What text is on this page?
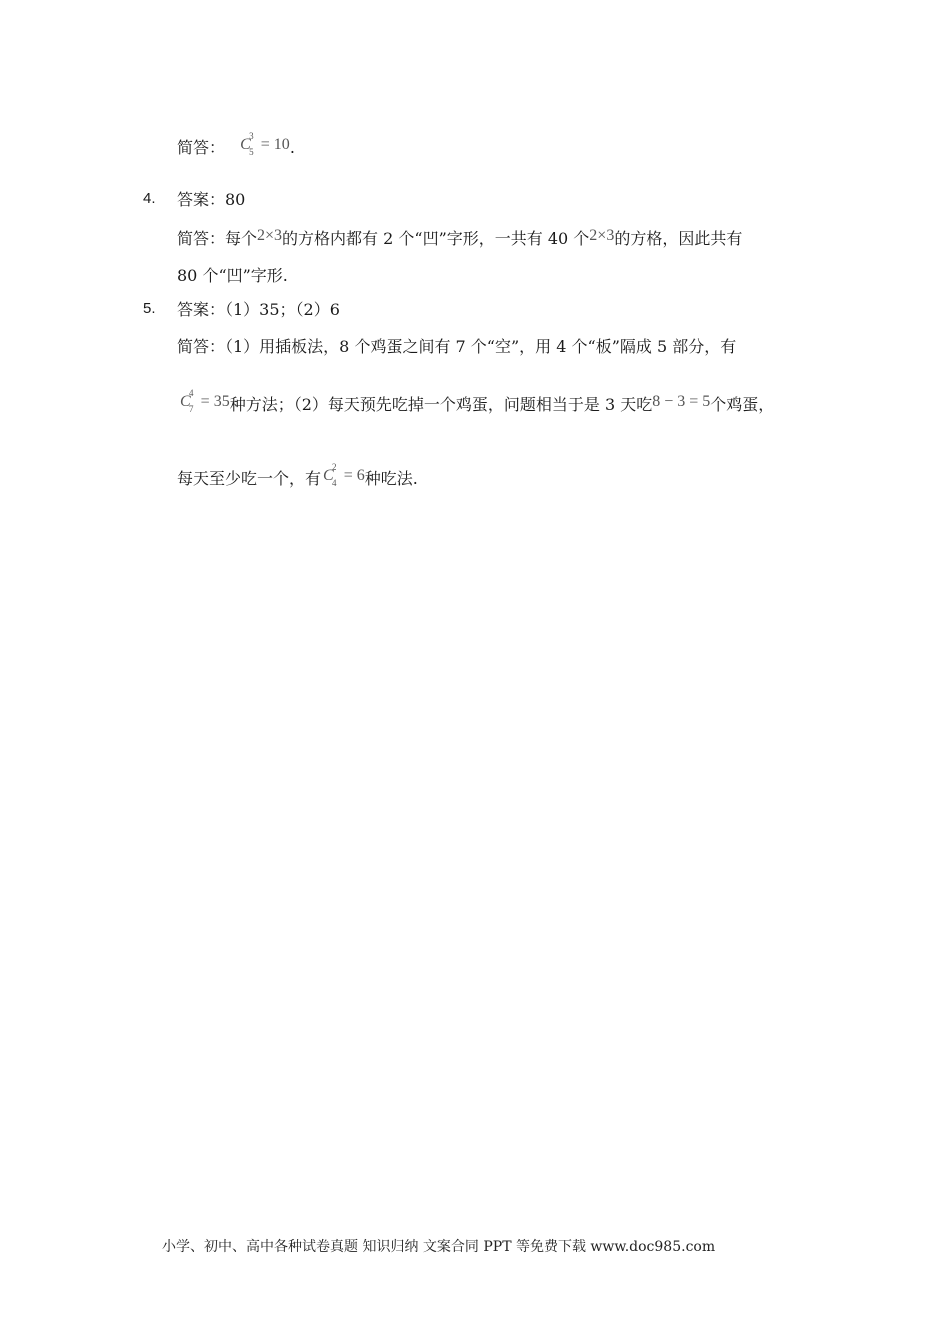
简答： C
3
5 = 10.
4. 答案：80
简答：每个2×3的方格内都有 2 个“凹”字形，一共有 40 个2×3的方格，因此共有
80 个“凹”字形.
5. 答案：（1）35；（2）6
简答：（1）用插板法，8 个鸡蛋之间有 7 个“空”，用 4 个“板”隔成 5 部分，有
C
4
7 = 35种方法；（2）每天预先吃掉一个鸡蛋，问题相当于是 3 天吃8 − 3 = 5个鸡蛋，
每天至少吃一个，有 C
2
4 = 6种吃法.
小学、初中、高中各种试卷真题 知识归纳 文案合同 PPT 等免费下载 www.doc985.com
